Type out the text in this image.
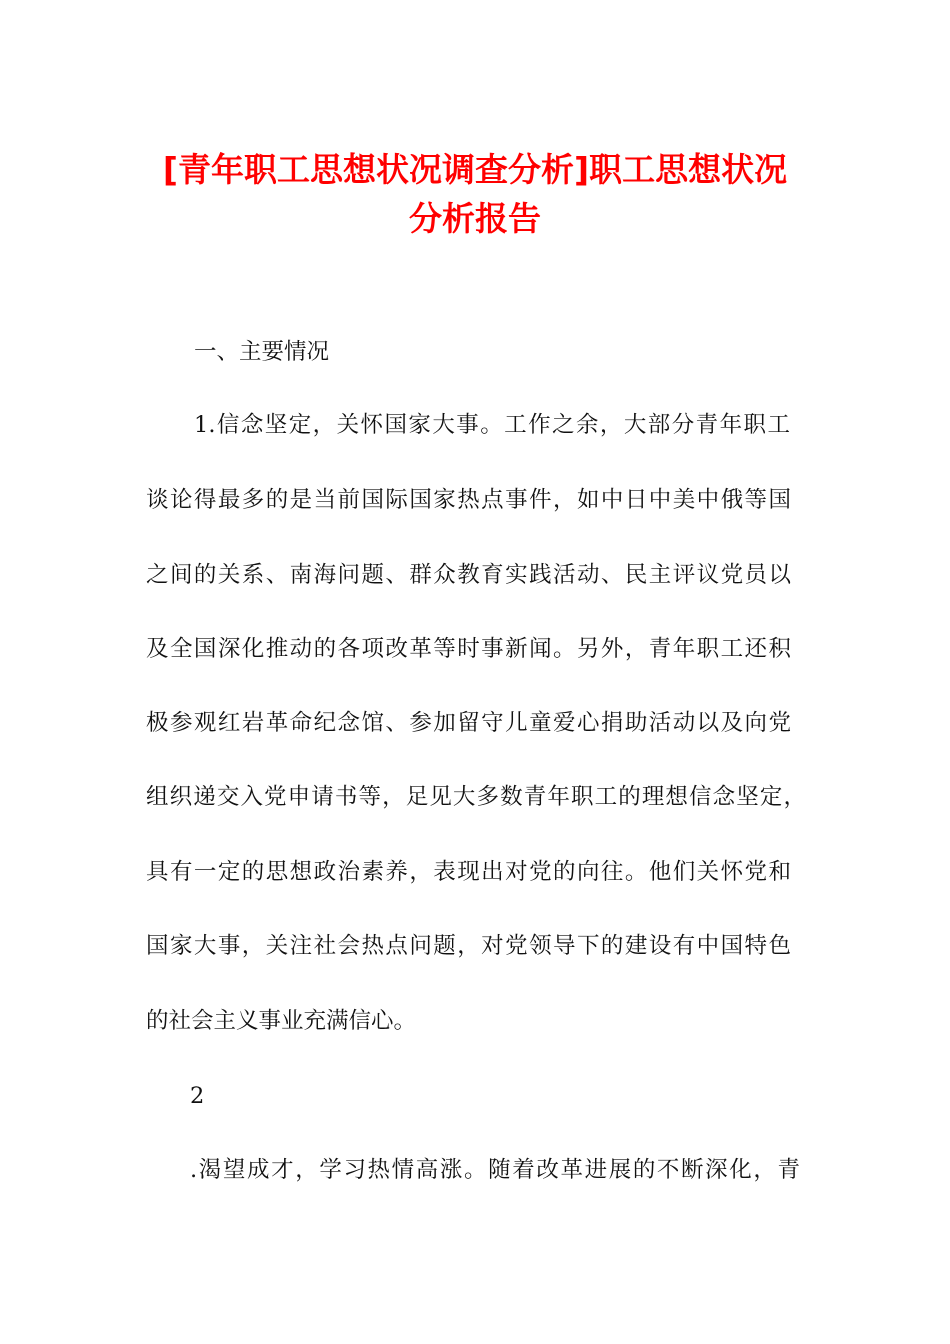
[青年职工思想状况调查分析]职工思想状况
分析报告

一、主要情况

1.信念坚定，关怀国家大事。工作之余，大部分青年职工

谈论得最多的是当前国际国家热点事件，如中日中美中俄等国

之间的关系、南海问题、群众教育实践活动、民主评议党员以

及全国深化推动的各项改革等时事新闻。另外，青年职工还积

极参观红岩革命纪念馆、参加留守儿童爱心捐助活动以及向党

组织递交入党申请书等，足见大多数青年职工的理想信念坚定，

具有一定的思想政治素养，表现出对党的向往。他们关怀党和

国家大事，关注社会热点问题，对党领导下的建设有中国特色

的社会主义事业充满信心。

2

.渴望成才，学习热情高涨。随着改革进展的不断深化，青
